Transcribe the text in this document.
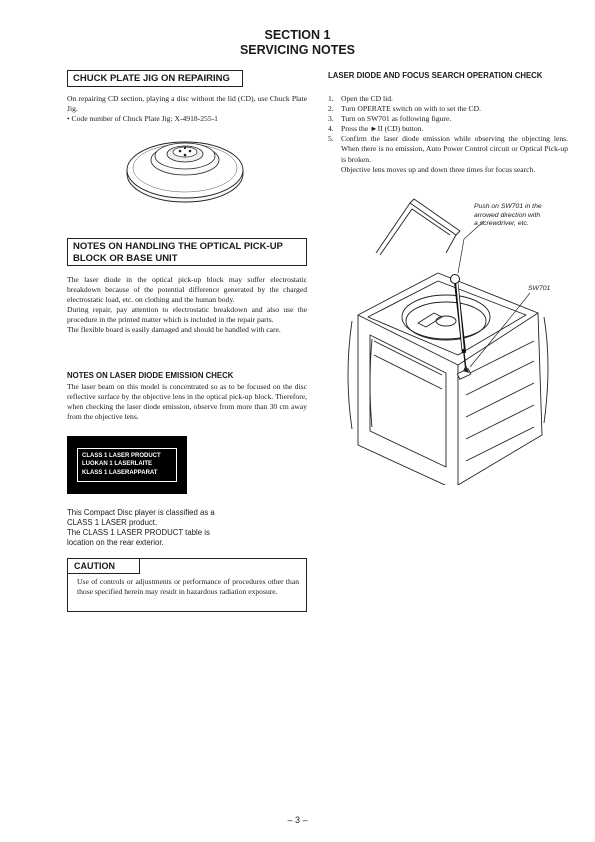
SECTION 1
SERVICING NOTES
CHUCK PLATE JIG ON REPAIRING

On repairing CD section, playing a disc without the lid (CD), use Chuck Plate Jig.

• Code number of Chuck Plate Jig: X-4918-255-1

NOTES ON HANDLING THE OPTICAL PICK-UP BLOCK OR BASE UNIT

The laser diode in the optical pick-up block may suffer electrostatic breakdown because of the potential difference generated by the charged electrostatic load, etc. on clothing and the human body.

During repair, pay attention to electrostatic breakdown and also use the procedure in the printed matter which is included in the repair parts.

The flexible board is easily damaged and should be handled with care.

NOTES ON LASER DIODE EMISSION CHECK
The laser beam on this model is concentrated so as to be focused on the disc reflective surface by the objective lens in the optical pick-up block. Therefore, when checking the laser diode emission, observe from more than 30 cm away from the objective lens.
CLASS 1 LASER PRODUCT
LUOKAN 1 LASERLAITE
KLASS 1 LASERAPPARAT
This Compact Disc player is classified as a
CLASS 1 LASER product.
The CLASS 1 LASER PRODUCT table is
location on the rear exterior.
CAUTION
Use of controls or adjustments or performance of procedures other than those specified herein may result in hazardous radiation exposure.
LASER DIODE AND FOCUS SEARCH OPERATION CHECK
1. Open the CD lid.
2. Turn OPERATE switch on with to set the CD.
3. Turn on SW701 as following figure.
4. Press the ►II (CD) button.
5. Confirm the laser diode emission while observing the objecting lens. When there is no emission, Auto Power Control circuit or Optical Pick-up is broken.

Objective lens moves up and down three times for focus search.

Push on SW701 in the
arrowed direction with
a screwdriver, etc.
SW701
– 3 –
